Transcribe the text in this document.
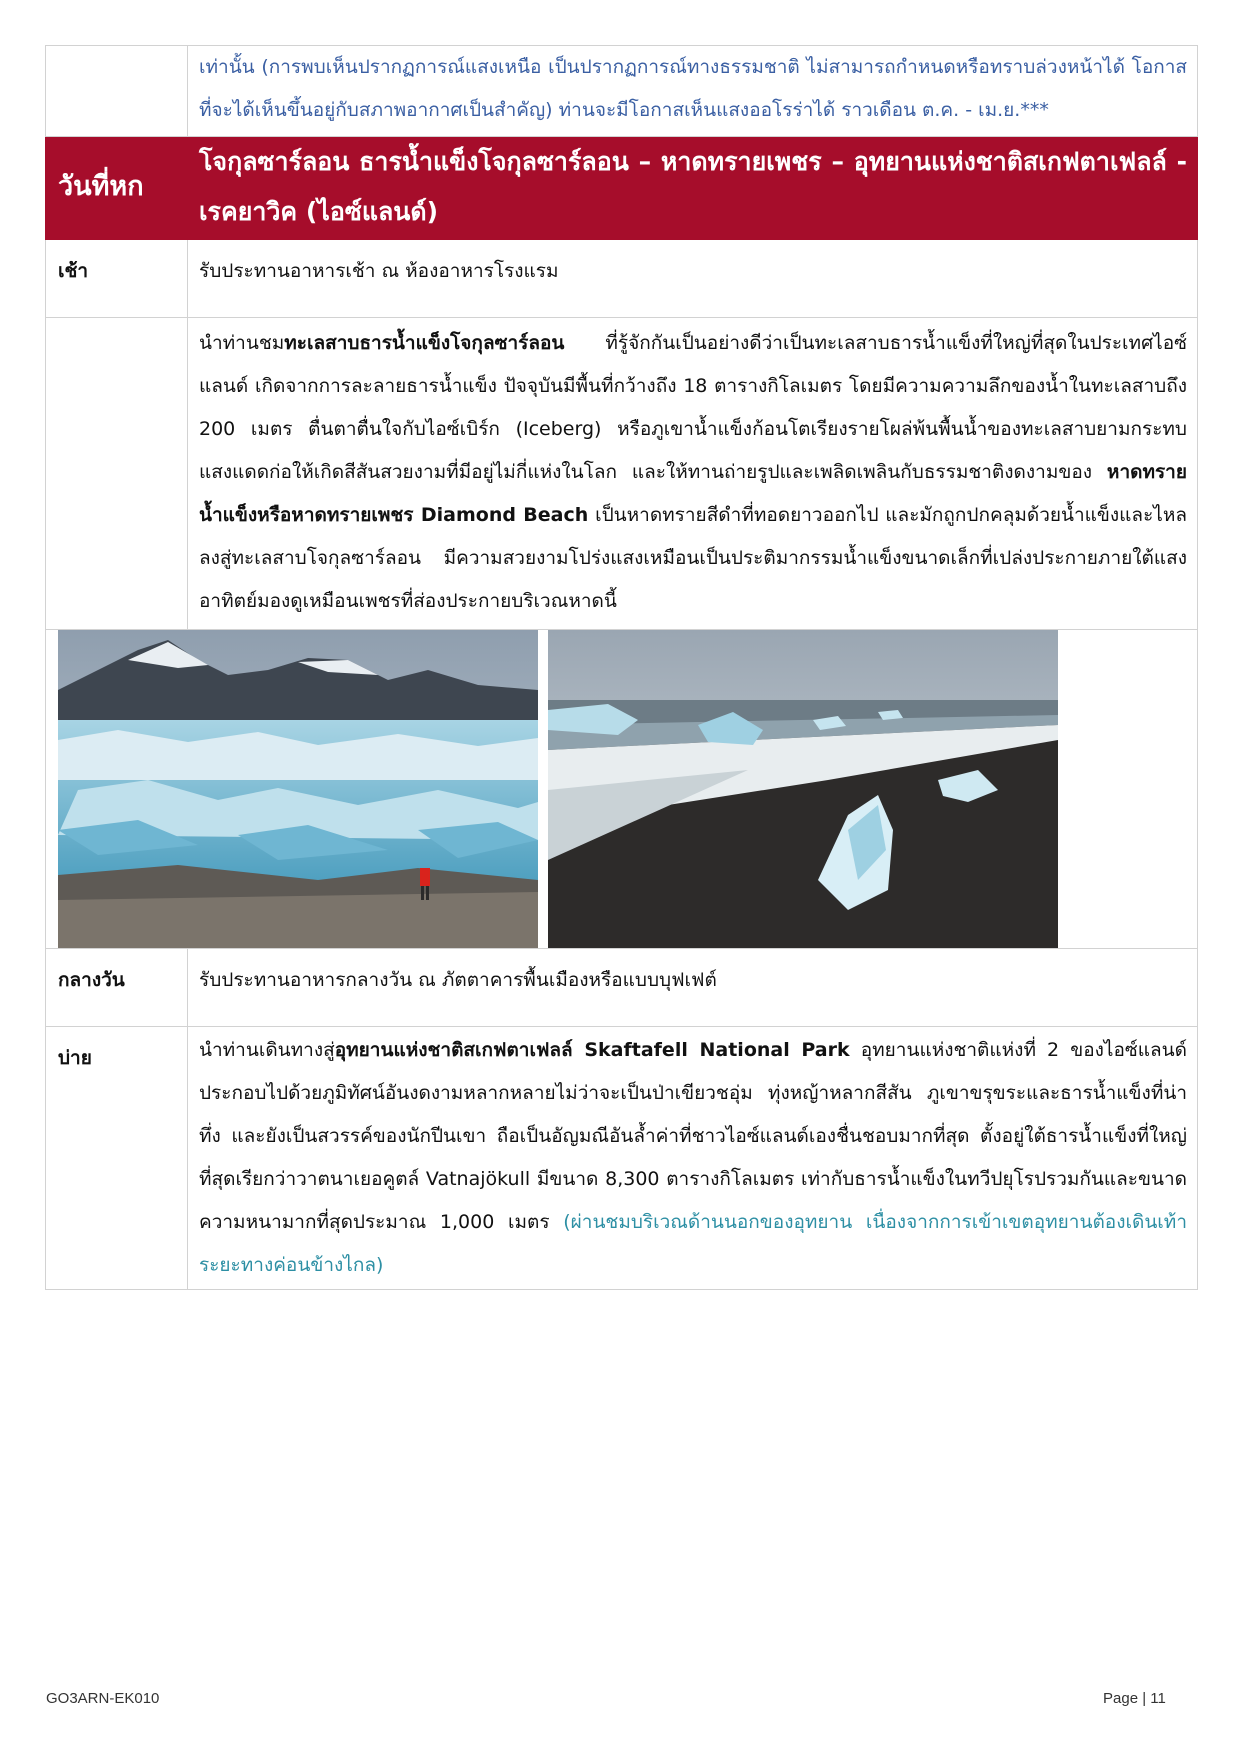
	เท่านั้น (การพบเห็นปรากฏการณ์แสงเหนือ เป็นปรากฏการณ์ทางธรรมชาติ ไม่สามารถกำหนดหรือทราบล่วงหน้าได้ โอกาสที่จะได้เห็นขึ้นอยู่กับสภาพอากาศเป็นสำคัญ) ท่านจะมีโอกาสเห็นแสงออโรร่าได้ ราวเดือน ต.ค. - เม.ย.***
วันที่หก	โจกุลซาร์ลอน ธารน้ำแข็งโจกุลซาร์ลอน – หาดทรายเพชร – อุทยานแห่งชาติสเกฟตาเฟลล์ - เรคยาวิค (ไอซ์แลนด์)
เช้า	รับประทานอาหารเช้า ณ ห้องอาหารโรงแรม
	นำท่านชมทะเลสาบธารน้ำแข็งโจกุลซาร์ลอน ที่รู้จักกันเป็นอย่างดีว่าเป็นทะเลสาบธารน้ำแข็งที่ใหญ่ที่สุดในประเทศไอซ์แลนด์ เกิดจากการละลายธารน้ำแข็ง ปัจจุบันมีพื้นที่กว้างถึง 18 ตารางกิโลเมตร โดยมีความความลึกของน้ำในทะเลสาบถึง 200 เมตร ตื่นตาตื่นใจกับไอซ์เบิร์ก (Iceberg) หรือภูเขาน้ำแข็งก้อนโตเรียงรายโผล่พ้นพื้นน้ำของทะเลสาบยามกระทบแสงแดดก่อให้เกิดสีสันสวยงามที่มีอยู่ไม่กี่แห่งในโลก และให้ทานถ่ายรูปและเพลิดเพลินกับธรรมชาติงดงามของ หาดทรายน้ำแข็งหรือหาดทรายเพชร Diamond Beach เป็นหาดทรายสีดำที่ทอดยาวออกไป และมักถูกปกคลุมด้วยน้ำแข็งและไหลลงสู่ทะเลสาบโจกุลซาร์ลอน มีความสวยงามโปร่งแสงเหมือนเป็นประติมากรรมน้ำแข็งขนาดเล็กที่เปล่งประกายภายใต้แสงอาทิตย์มองดูเหมือนเพชรที่ส่องประกายบริเวณหาดนี้

กลางวัน	รับประทานอาหารกลางวัน ณ ภัตตาคารพื้นเมืองหรือแบบบุฟเฟต์
บ่าย	นำท่านเดินทางสู่อุทยานแห่งชาติสเกฟตาเฟลล์ Skaftafell National Park อุทยานแห่งชาติแห่งที่ 2 ของไอซ์แลนด์ ประกอบไปด้วยภูมิทัศน์อันงดงามหลากหลายไม่ว่าจะเป็นป่าเขียวชอุ่ม ทุ่งหญ้าหลากสีสัน ภูเขาขรุขระและธารน้ำแข็งที่น่าทึ่ง และยังเป็นสวรรค์ของนักปีนเขา ถือเป็นอัญมณีอันล้ำค่าที่ชาวไอซ์แลนด์เองชื่นชอบมากที่สุด ตั้งอยู่ใต้ธารน้ำแข็งที่ใหญ่ที่สุดเรียกว่าวาตนาเยอคูตล์ Vatnajökull มีขนาด 8,300 ตารางกิโลเมตร เท่ากับธารน้ำแข็งในทวีปยุโรปรวมกันและขนาดความหนามากที่สุดประมาณ 1,000 เมตร (ผ่านชมบริเวณด้านนอกของอุทยาน เนื่องจากการเข้าเขตอุทยานต้องเดินเท้าระยะทางค่อนข้างไกล)
GO3ARN-EK010	Page | 11
